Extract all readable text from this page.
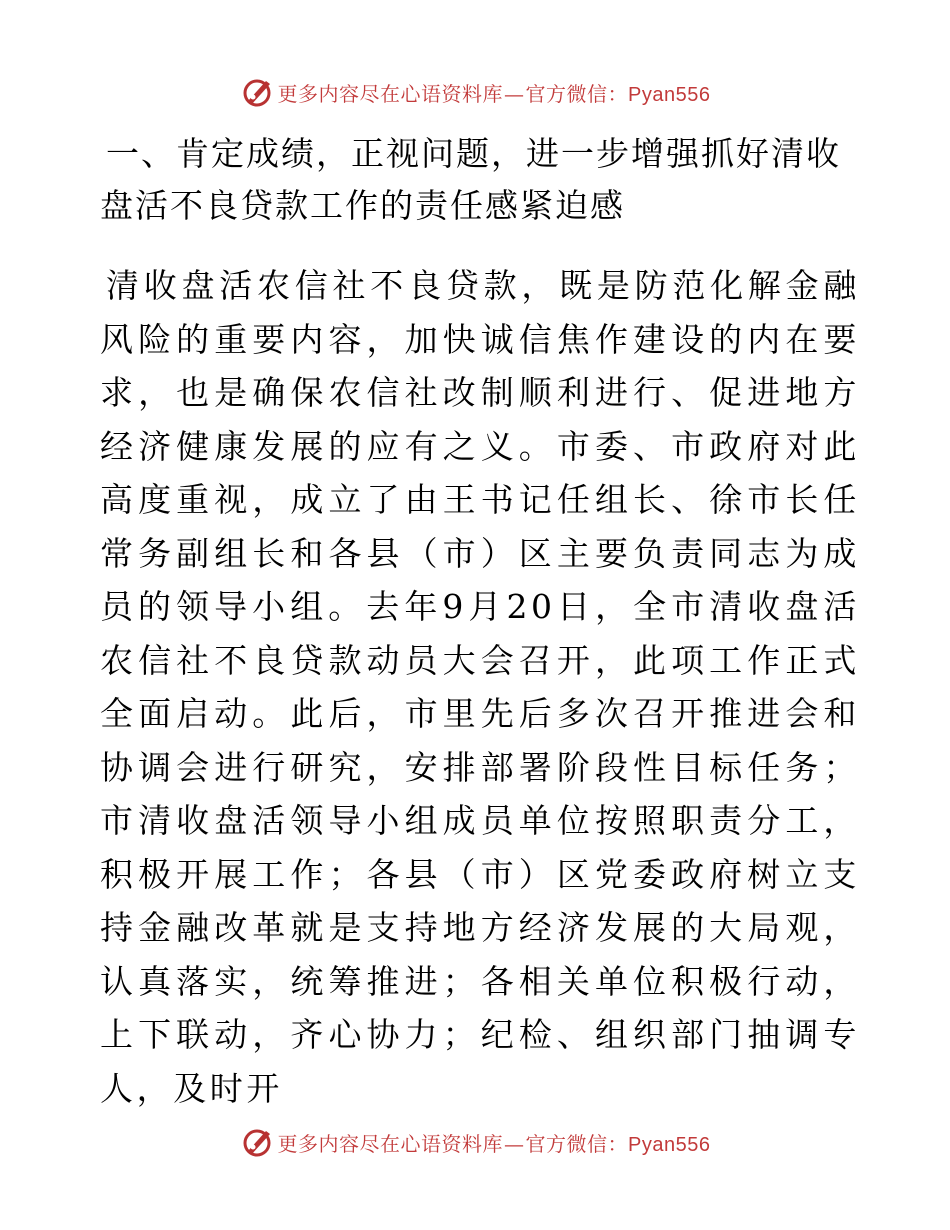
更多内容尽在心语资料库—官方微信：Pyan556
一、肯定成绩，正视问题，进一步增强抓好清收盘活不良贷款工作的责任感紧迫感

清收盘活农信社不良贷款，既是防范化解金融风险的重要内容，加快诚信焦作建设的内在要求，也是确保农信社改制顺利进行、促进地方经济健康发展的应有之义。市委、市政府对此高度重视，成立了由王书记任组长、徐市长任常务副组长和各县（市）区主要负责同志为成员的领导小组。去年9月20日，全市清收盘活农信社不良贷款动员大会召开，此项工作正式全面启动。此后，市里先后多次召开推进会和协调会进行研究，安排部署阶段性目标任务；市清收盘活领导小组成员单位按照职责分工，积极开展工作；各县（市）区党委政府树立支持金融改革就是支持地方经济发展的大局观，认真落实，统筹推进；各相关单位积极行动，上下联动，齐心协力；纪检、组织部门抽调专人，及时开

更多内容尽在心语资料库—官方微信：Pyan556
